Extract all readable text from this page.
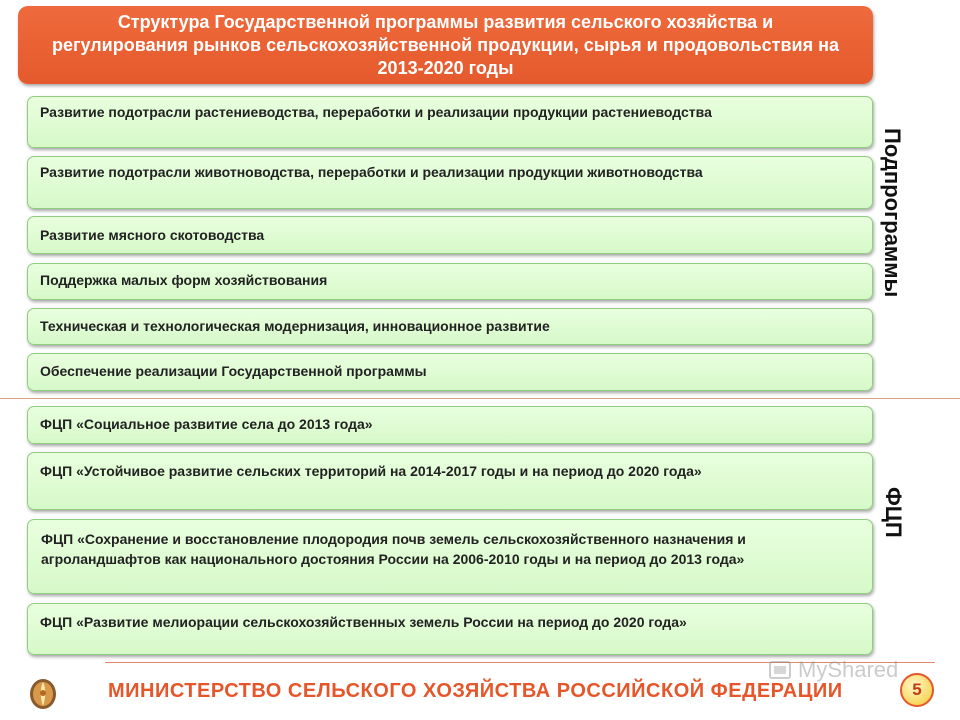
Структура Государственной программы развития сельского хозяйства и регулирования рынков сельскохозяйственной продукции, сырья и продовольствия на 2013-2020 годы
Развитие подотрасли растениеводства, переработки и реализации продукции растениеводства
Развитие подотрасли животноводства, переработки и реализации продукции животноводства
Развитие мясного скотоводства
Поддержка малых форм хозяйствования
Техническая и технологическая модернизация, инновационное развитие
Обеспечение реализации Государственной программы
Подпрограммы
ФЦП «Социальное развитие села до 2013 года»
ФЦП «Устойчивое развитие сельских территорий на 2014-2017 годы и на период до 2020 года»
ФЦП «Сохранение и восстановление плодородия почв земель сельскохозяйственного назначения и агроландшафтов как национального достояния России на 2006-2010 годы и на период до 2013 года»
ФЦП «Развитие мелиорации сельскохозяйственных земель России на период до 2020 года»
ФЦП
МИНИСТЕРСТВО СЕЛЬСКОГО ХОЗЯЙСТВА РОССИЙСКОЙ ФЕДЕРАЦИИ
MyShared
5
